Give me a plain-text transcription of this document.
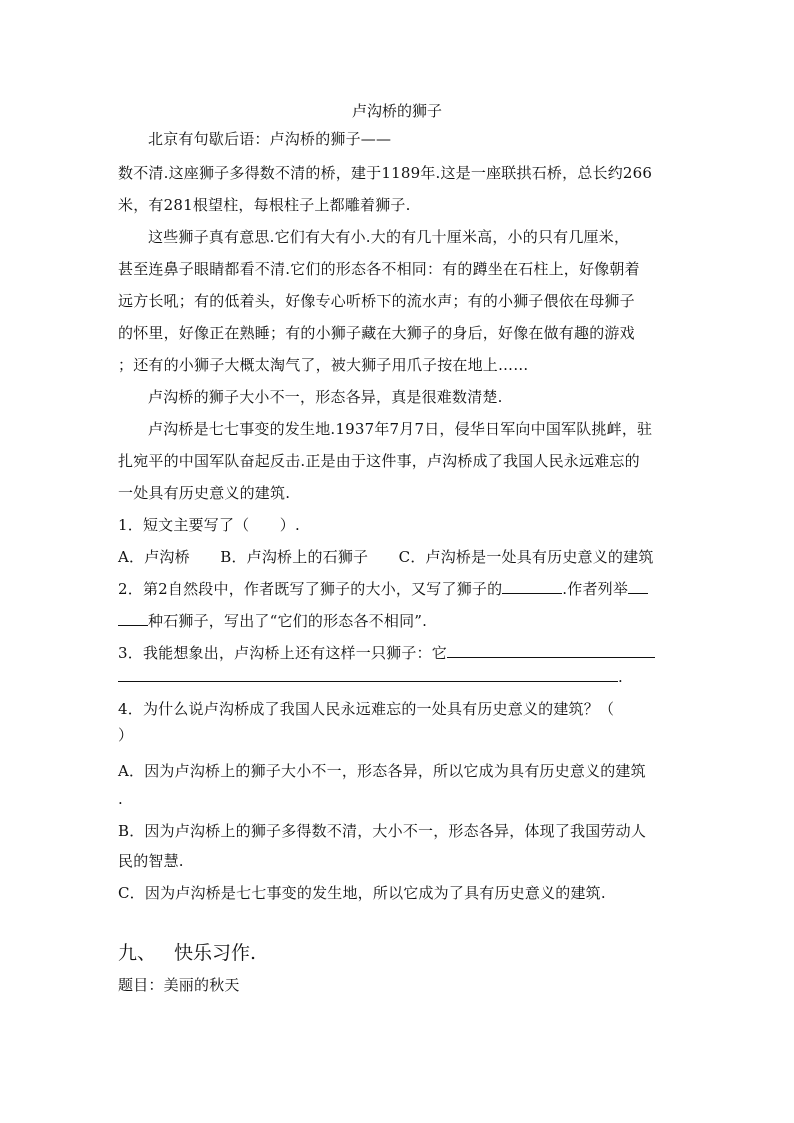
卢沟桥的狮子
北京有句歇后语：卢沟桥的狮子——
数不清.这座狮子多得数不清的桥，建于1189年.这是一座联拱石桥，总长约266
米，有281根望柱，每根柱子上都雕着狮子.
这些狮子真有意思.它们有大有小.大的有几十厘米高，小的只有几厘米，
甚至连鼻子眼睛都看不清.它们的形态各不相同：有的蹲坐在石柱上，好像朝着
远方长吼；有的低着头，好像专心听桥下的流水声；有的小狮子偎依在母狮子
的怀里，好像正在熟睡；有的小狮子藏在大狮子的身后，好像在做有趣的游戏
；还有的小狮子大概太淘气了，被大狮子用爪子按在地上……
卢沟桥的狮子大小不一，形态各异，真是很难数清楚.
卢沟桥是七七事变的发生地.1937年7月7日，侵华日军向中国军队挑衅，驻
扎宛平的中国军队奋起反击.正是由于这件事，卢沟桥成了我国人民永远难忘的
一处具有历史意义的建筑.
1．短文主要写了（　　）.
A．卢沟桥　　B．卢沟桥上的石狮子　　C．卢沟桥是一处具有历史意义的建筑
2．第2自然段中，作者既写了狮子的大小，又写了狮子的	.作者列举
种石狮子，写出了“它们的形态各不相同”.
3．我能想象出，卢沟桥上还有这样一只狮子：它
.
4．为什么说卢沟桥成了我国人民永远难忘的一处具有历史意义的建筑？（
）
A．因为卢沟桥上的狮子大小不一，形态各异，所以它成为具有历史意义的建筑
.
B．因为卢沟桥上的狮子多得数不清，大小不一，形态各异，体现了我国劳动人
民的智慧.
C．因为卢沟桥是七七事变的发生地，所以它成为了具有历史意义的建筑.
九、 快乐习作.
题目：美丽的秋天
